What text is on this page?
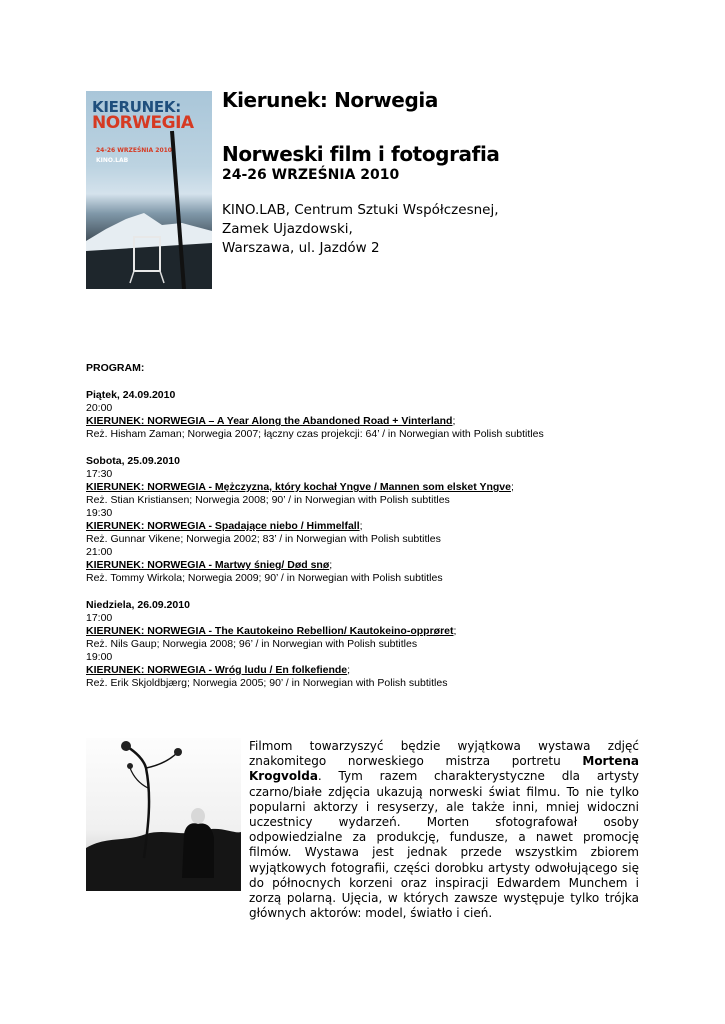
KIERUNEK:
NORWEGIA
24-26 WRZEŚNIA 2010
KINO.LAB
Kierunek: Norwegia
Norweski film i fotografia
24-26 WRZEŚNIA 2010
KINO.LAB, Centrum Sztuki Współczesnej,
Zamek Ujazdowski,
Warszawa, ul. Jazdów 2
PROGRAM:
Piątek, 24.09.2010
20:00
KIERUNEK: NORWEGIA – A Year Along the Abandoned Road + Vinterland;
Reż. Hisham Zaman; Norwegia 2007; łączny czas projekcji: 64’ / in Norwegian with Polish subtitles
Sobota, 25.09.2010
17:30
KIERUNEK: NORWEGIA - Mężczyzna, który kochał Yngve / Mannen som elsket Yngve;
Reż. Stian Kristiansen; Norwegia 2008; 90’ / in Norwegian with Polish subtitles
19:30
KIERUNEK: NORWEGIA - Spadające niebo / Himmelfall;
Reż. Gunnar Vikene; Norwegia 2002; 83’ / in Norwegian with Polish subtitles
21:00
KIERUNEK: NORWEGIA - Martwy śnieg/ Død snø;
Reż. Tommy Wirkola; Norwegia 2009; 90’ / in Norwegian with Polish subtitles
Niedziela, 26.09.2010
17:00
KIERUNEK: NORWEGIA - The Kautokeino Rebellion/ Kautokeino-opprøret;
Reż. Nils Gaup; Norwegia 2008; 96’ / in Norwegian with Polish subtitles
19:00
KIERUNEK: NORWEGIA - Wróg ludu / En folkefiende;
Reż. Erik Skjoldbjærg; Norwegia 2005; 90’ / in Norwegian with Polish subtitles
Filmom towarzyszyć będzie wyjątkowa wystawa zdjęć znakomitego norweskiego mistrza portretu Mortena Krogvolda. Tym razem charakterystyczne dla artysty czarno/białe zdjęcia ukazują norweski świat filmu. To nie tylko popularni aktorzy i resyserzy, ale także inni, mniej widoczni uczestnicy wydarzeń. Morten sfotografował osoby odpowiedzialne za produkcję, fundusze, a nawet promocję filmów. Wystawa jest jednak przede wszystkim zbiorem wyjątkowych fotografii, części dorobku artysty odwołującego się do północnych korzeni oraz inspiracji Edwardem Munchem i zorzą polarną. Ujęcia, w których zawsze występuje tylko trójka głównych aktorów: model, światło i cień.
